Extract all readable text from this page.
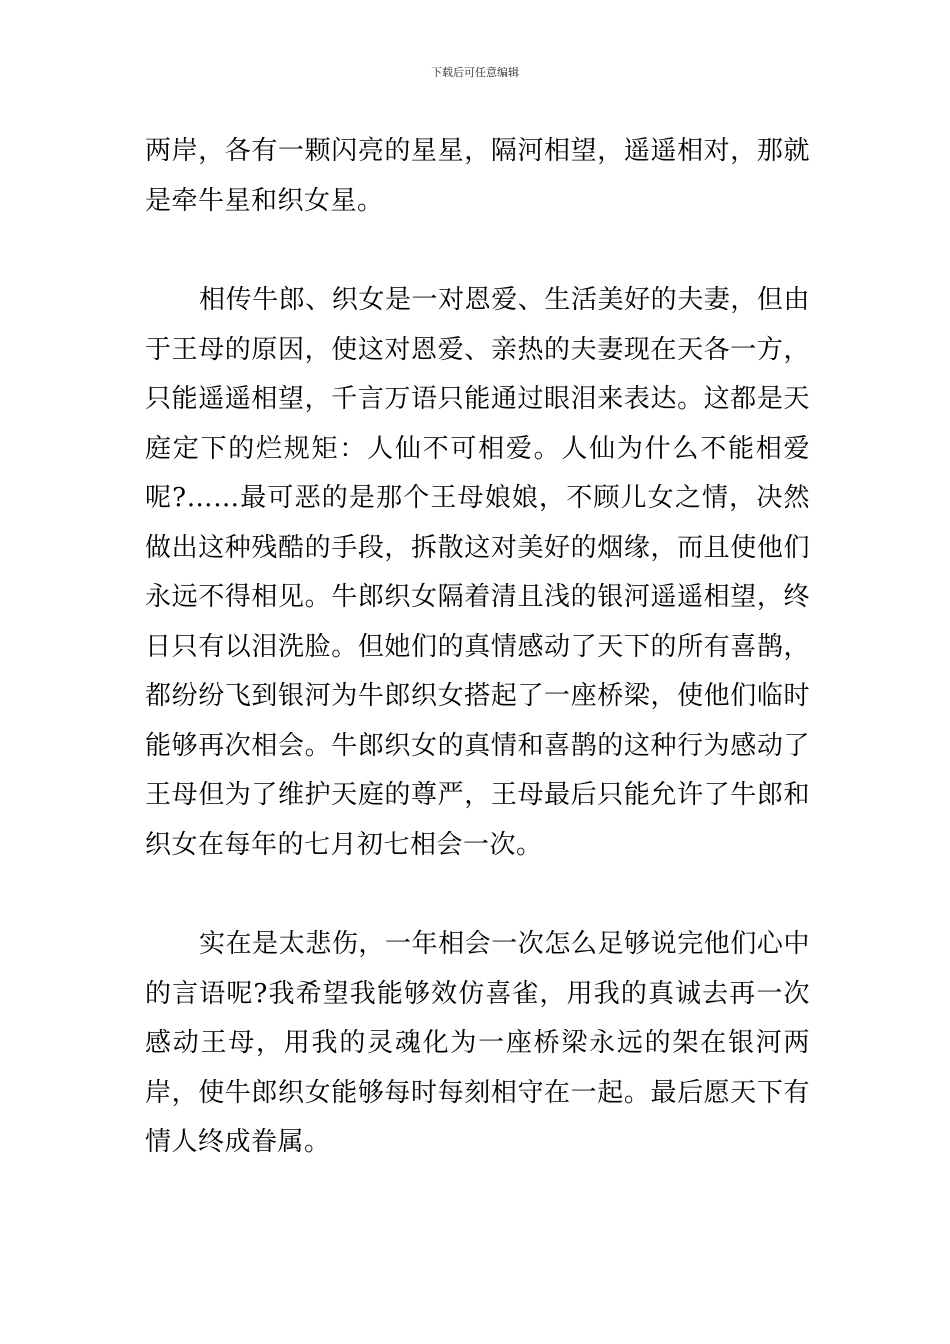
下载后可任意编辑

两岸，各有一颗闪亮的星星，隔河相望，遥遥相对，那就是牵牛星和织女星。

相传牛郎、织女是一对恩爱、生活美好的夫妻，但由于王母的原因，使这对恩爱、亲热的夫妻现在天各一方，只能遥遥相望，千言万语只能通过眼泪来表达。这都是天庭定下的烂规矩：人仙不可相爱。人仙为什么不能相爱呢?……最可恶的是那个王母娘娘，不顾儿女之情，决然做出这种残酷的手段，拆散这对美好的烟缘，而且使他们永远不得相见。牛郎织女隔着清且浅的银河遥遥相望，终日只有以泪洗脸。但她们的真情感动了天下的所有喜鹊，都纷纷飞到银河为牛郎织女搭起了一座桥梁，使他们临时能够再次相会。牛郎织女的真情和喜鹊的这种行为感动了王母但为了维护天庭的尊严，王母最后只能允许了牛郎和织女在每年的七月初七相会一次。

实在是太悲伤，一年相会一次怎么足够说完他们心中的言语呢?我希望我能够效仿喜雀，用我的真诚去再一次感动王母，用我的灵魂化为一座桥梁永远的架在银河两岸，使牛郎织女能够每时每刻相守在一起。最后愿天下有情人终成眷属。
